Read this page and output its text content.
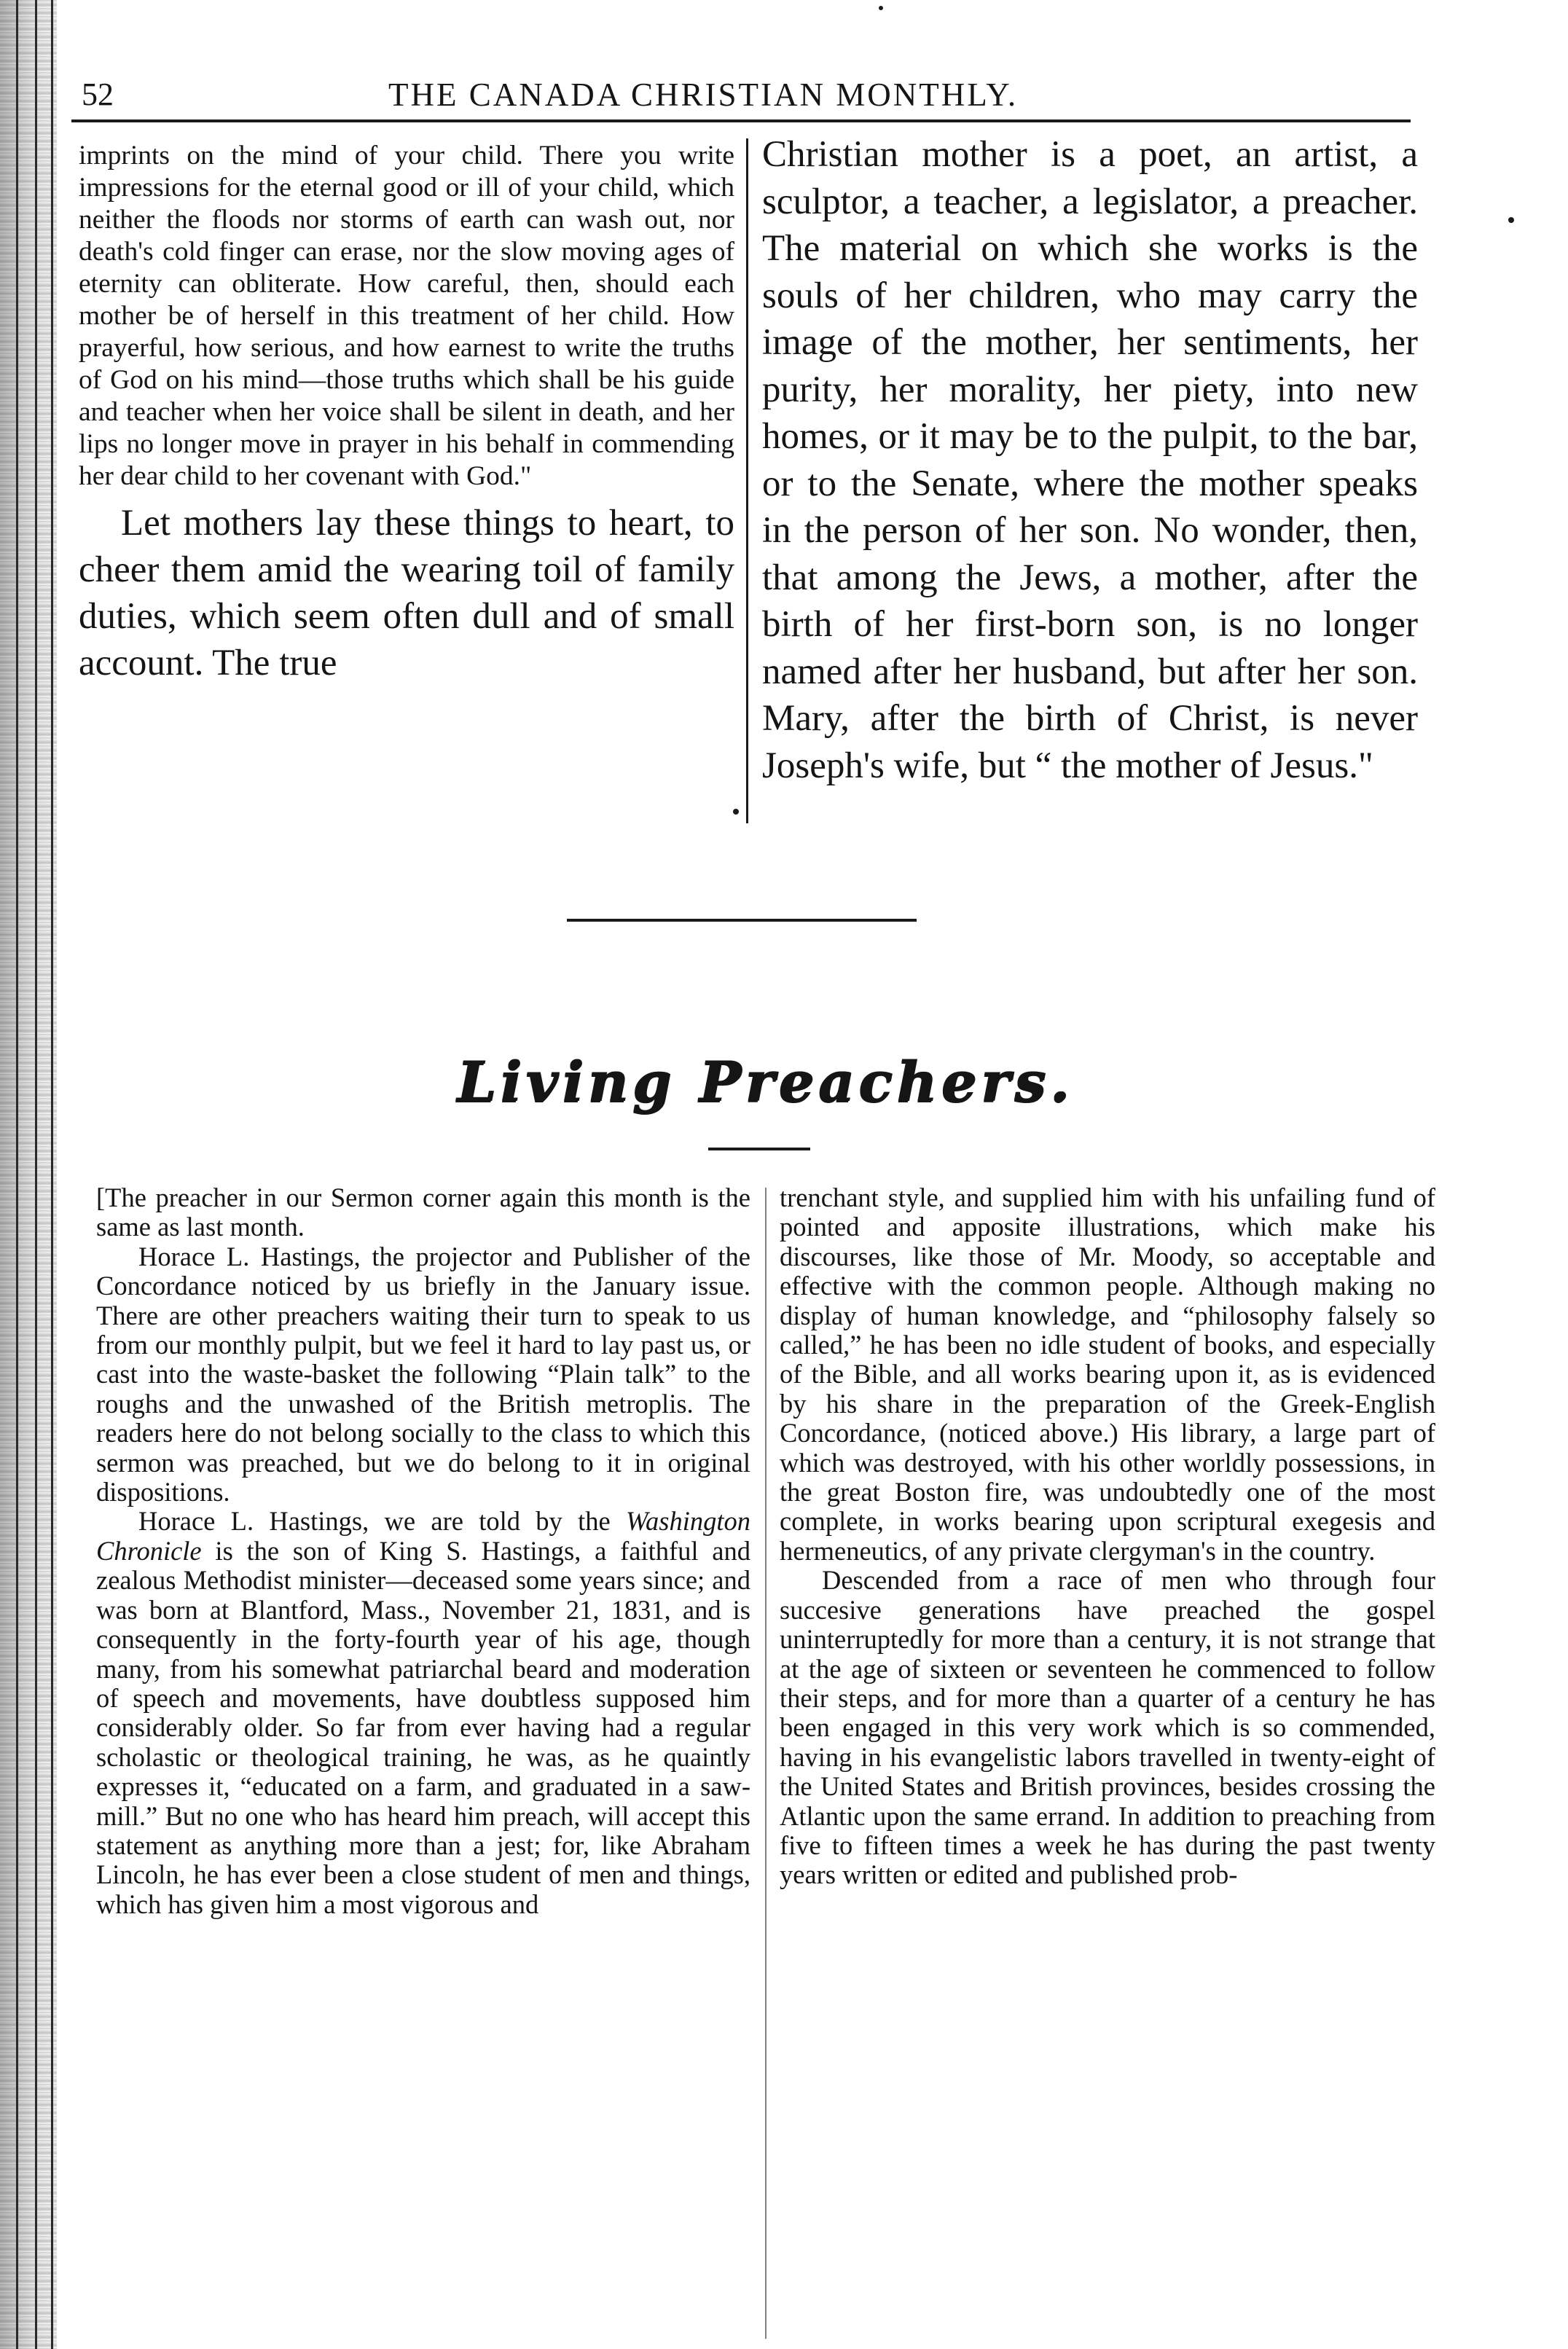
52	THE CANADA CHRISTIAN MONTHLY.

imprints on the mind of your child. There you write impressions for the eternal good or ill of your child, which neither the floods nor storms of earth can wash out, nor death's cold finger can erase, nor the slow moving ages of eternity can obliterate. How careful, then, should each mother be of herself in this treatment of her child. How prayerful, how serious, and how earnest to write the truths of God on his mind—those truths which shall be his guide and teacher when her voice shall be silent in death, and her lips no longer move in prayer in his behalf in commending her dear child to her covenant with God."

Let mothers lay these things to heart, to cheer them amid the wearing toil of family duties, which seem often dull and of small account. The true

Christian mother is a poet, an artist, a sculptor, a teacher, a legislator, a preacher. The material on which she works is the souls of her children, who may carry the image of the mother, her sentiments, her purity, her morality, her piety, into new homes, or it may be to the pulpit, to the bar, or to the Senate, where the mother speaks in the person of her son. No wonder, then, that among the Jews, a mother, after the birth of her first-born son, is no longer named after her husband, but after her son. Mary, after the birth of Christ, is never Joseph's wife, but “ the mother of Jesus."

Living Preachers.

[The preacher in our Sermon corner again this month is the same as last month.

Horace L. Hastings, the projector and Publisher of the Concordance noticed by us briefly in the January issue. There are other preachers waiting their turn to speak to us from our monthly pulpit, but we feel it hard to lay past us, or cast into the waste-basket the following “Plain talk” to the roughs and the unwashed of the British metroplis. The readers here do not belong socially to the class to which this sermon was preached, but we do belong to it in original dispositions.

Horace L. Hastings, we are told by the Washington Chronicle is the son of King S. Hastings, a faithful and zealous Methodist minister—deceased some years since; and was born at Blantford, Mass., November 21, 1831, and is consequently in the forty-fourth year of his age, though many, from his somewhat patriarchal beard and moderation of speech and movements, have doubtless supposed him considerably older. So far from ever having had a regular scholastic or theological training, he was, as he quaintly expresses it, “educated on a farm, and graduated in a saw-mill.” But no one who has heard him preach, will accept this statement as anything more than a jest; for, like Abraham Lincoln, he has ever been a close student of men and things, which has given him a most vigorous and

trenchant style, and supplied him with his unfailing fund of pointed and apposite illustrations, which make his discourses, like those of Mr. Moody, so acceptable and effective with the common people. Although making no display of human knowledge, and “philosophy falsely so called,” he has been no idle student of books, and especially of the Bible, and all works bearing upon it, as is evidenced by his share in the preparation of the Greek-English Concordance, (noticed above.) His library, a large part of which was destroyed, with his other worldly possessions, in the great Boston fire, was undoubtedly one of the most complete, in works bearing upon scriptural exegesis and hermeneutics, of any private clergyman's in the country.

Descended from a race of men who through four succesive generations have preached the gospel uninterruptedly for more than a century, it is not strange that at the age of sixteen or seventeen he commenced to follow their steps, and for more than a quarter of a century he has been engaged in this very work which is so commended, having in his evangelistic labors travelled in twenty-eight of the United States and British provinces, besides crossing the Atlantic upon the same errand. In addition to preaching from five to fifteen times a week he has during the past twenty years written or edited and published prob-
